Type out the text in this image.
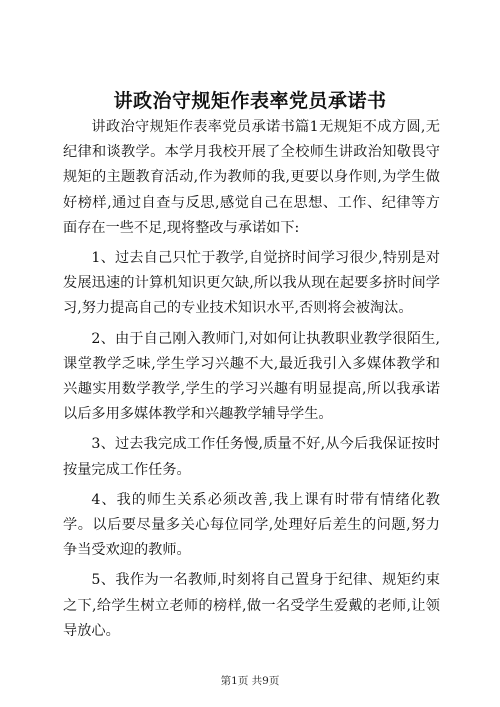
讲政治守规矩作表率党员承诺书

讲政治守规矩作表率党员承诺书篇1无规矩不成方圆,无纪律和谈教学。本学月我校开展了全校师生讲政治知敬畏守规矩的主题教育活动,作为教师的我,更要以身作则,为学生做好榜样,通过自查与反思,感觉自己在思想、工作、纪律等方面存在一些不足,现将整改与承诺如下:

1、过去自己只忙于教学,自觉挤时间学习很少,特别是对发展迅速的计算机知识更欠缺,所以我从现在起要多挤时间学习,努力提高自己的专业技术知识水平,否则将会被淘汰。

2、由于自己刚入教师门,对如何让执教职业教学很陌生,课堂教学乏味,学生学习兴趣不大,最近我引入多媒体教学和兴趣实用数学教学,学生的学习兴趣有明显提高,所以我承诺以后多用多媒体教学和兴趣教学辅导学生。

3、过去我完成工作任务慢,质量不好,从今后我保证按时按量完成工作任务。

4、我的师生关系必须改善,我上课有时带有情绪化教学。以后要尽量多关心每位同学,处理好后差生的问题,努力争当受欢迎的教师。

5、我作为一名教师,时刻将自己置身于纪律、规矩约束之下,给学生树立老师的榜样,做一名受学生爱戴的老师,让领导放心。

第1页 共9页
